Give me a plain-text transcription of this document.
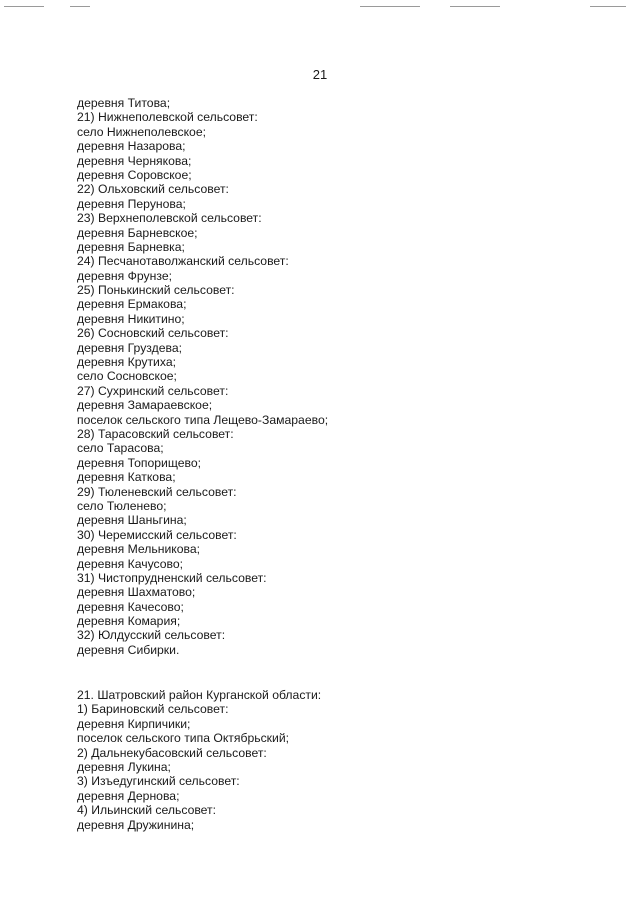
21
деревня Титова;
21) Нижнеполевской сельсовет:
село Нижнеполевское;
деревня Назарова;
деревня Чернякова;
деревня Соровское;
22) Ольховский сельсовет:
деревня Перунова;
23) Верхнеполевской сельсовет:
деревня Барневское;
деревня Барневка;
24) Песчанотаволжанский сельсовет:
деревня Фрунзе;
25) Понькинский сельсовет:
деревня Ермакова;
деревня Никитино;
26) Сосновский сельсовет:
деревня Груздева;
деревня Крутиха;
село Сосновское;
27) Сухринский сельсовет:
деревня Замараевское;
поселок сельского типа Лещево-Замараево;
28) Тарасовский сельсовет:
село Тарасова;
деревня Топорищево;
деревня Каткова;
29) Тюленевский сельсовет:
село Тюленево;
деревня Шаньгина;
30) Черемисский сельсовет:
деревня Мельникова;
деревня Качусово;
31) Чистопрудненский сельсовет:
деревня Шахматово;
деревня Качесово;
деревня Комария;
32) Юлдусский сельсовет:
деревня Сибирки.
21. Шатровский район Курганской области:
1) Бариновский сельсовет:
деревня Кирпичики;
поселок сельского типа Октябрьский;
2) Дальнекубасовский сельсовет:
деревня Лукина;
3) Изъедугинский сельсовет:
деревня Дернова;
4) Ильинский сельсовет:
деревня Дружинина;
